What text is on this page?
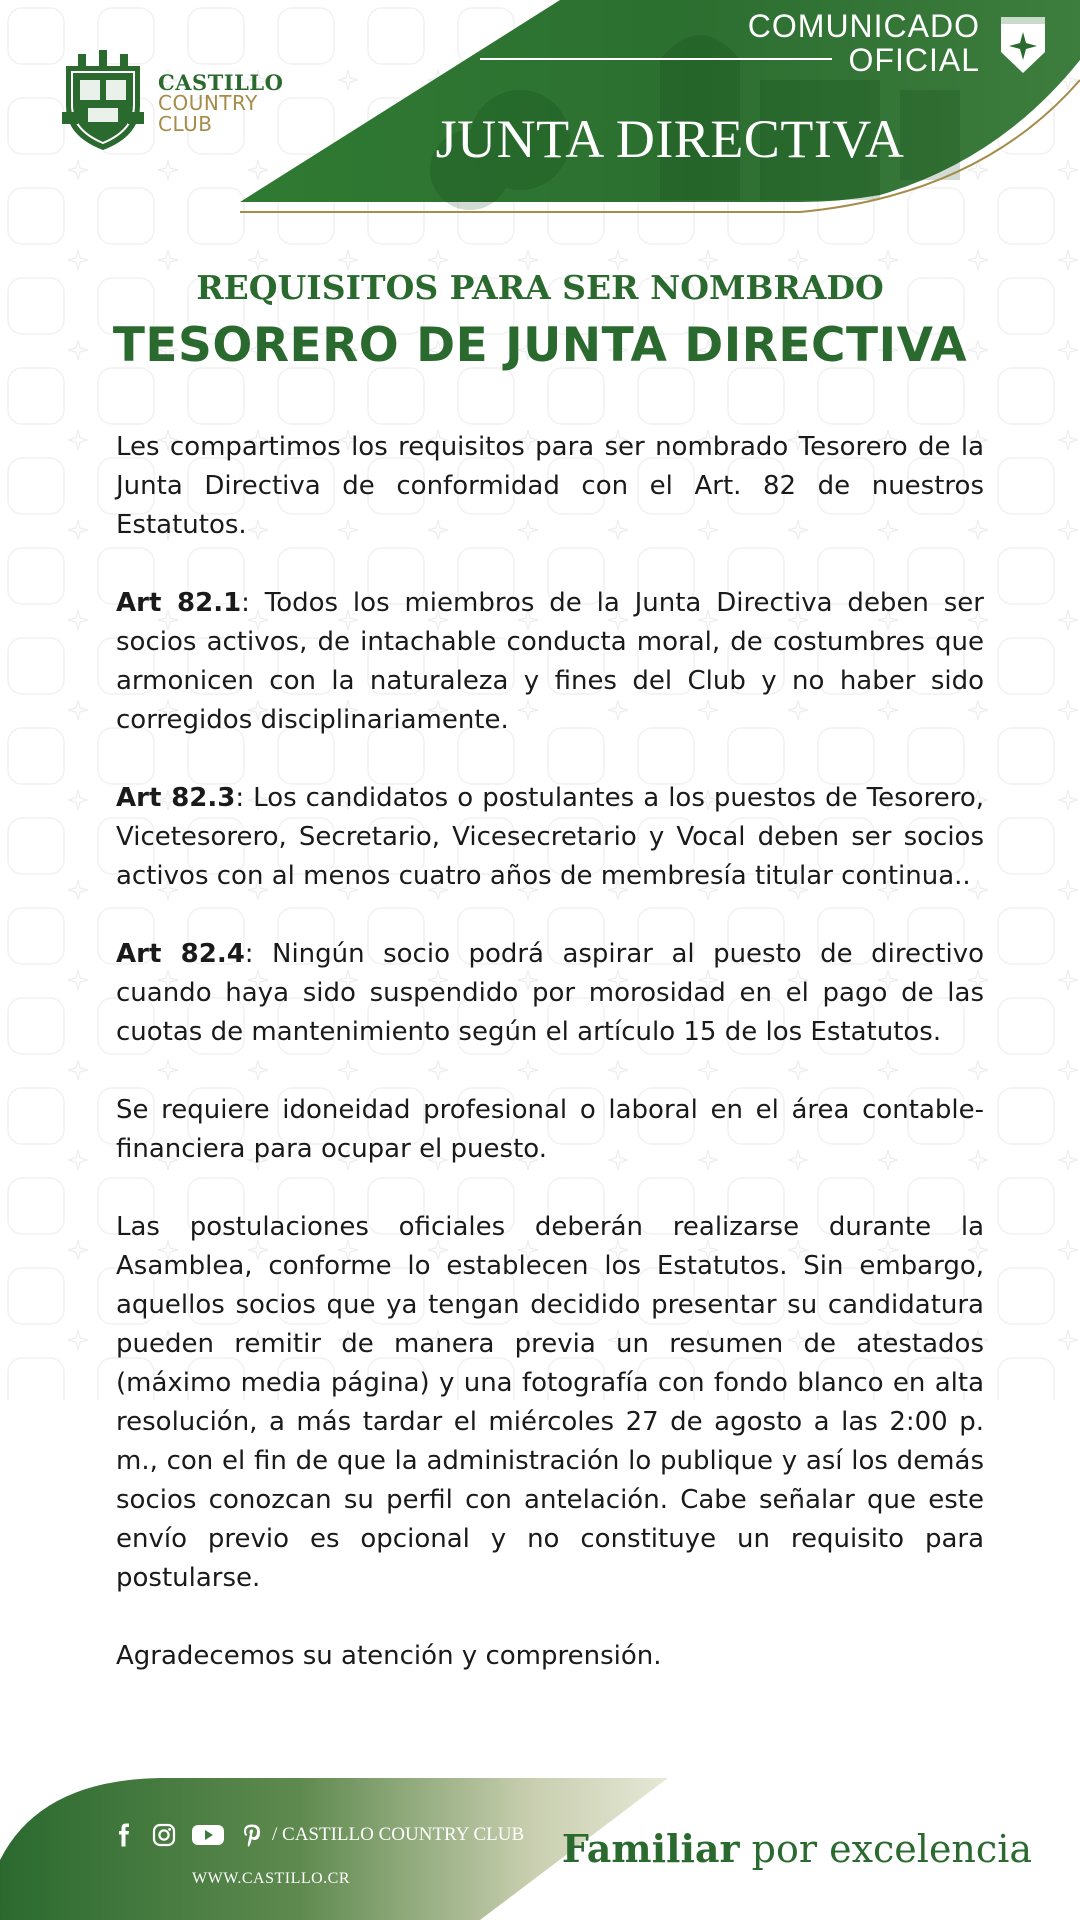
CASTILLO
COUNTRY
CLUB
COMUNICADO
OFICIAL
JUNTA DIRECTIVA
REQUISITOS PARA SER NOMBRADO
TESORERO DE JUNTA DIRECTIVA

Les compartimos los requisitos para ser nombrado Tesorero de la Junta Directiva de conformidad con el Art. 82 de nuestros Estatutos.

Art 82.1: Todos los miembros de la Junta Directiva deben ser socios activos, de intachable conducta moral, de costumbres que armonicen con la naturaleza y fines del Club y no haber sido corregidos disciplinariamente.

Art 82.3: Los candidatos o postulantes a los puestos de Tesorero, Vicetesorero, Secretario, Vicesecretario y Vocal deben ser socios activos con al menos cuatro años de membresía titular continua..

Art 82.4: Ningún socio podrá aspirar al puesto de directivo cuando haya sido suspendido por morosidad en el pago de las cuotas de mantenimiento según el artículo 15 de los Estatutos.

Se requiere idoneidad profesional o laboral en el área contable-financiera para ocupar el puesto.

Las postulaciones oficiales deberán realizarse durante la Asamblea, conforme lo establecen los Estatutos. Sin embargo, aquellos socios que ya tengan decidido presentar su candidatura pueden remitir de manera previa un resumen de atestados (máximo media página) y una fotografía con fondo blanco en alta resolución, a más tardar el miércoles 27 de agosto a las 2:00 p. m., con el fin de que la administración lo publique y así los demás socios conozcan su perfil con antelación. Cabe señalar que este envío previo es opcional y no constituye un requisito para postularse.

Agradecemos su atención y comprensión.

/ CASTILLO COUNTRY CLUB
WWW.CASTILLO.CR
Familiar por excelencia
